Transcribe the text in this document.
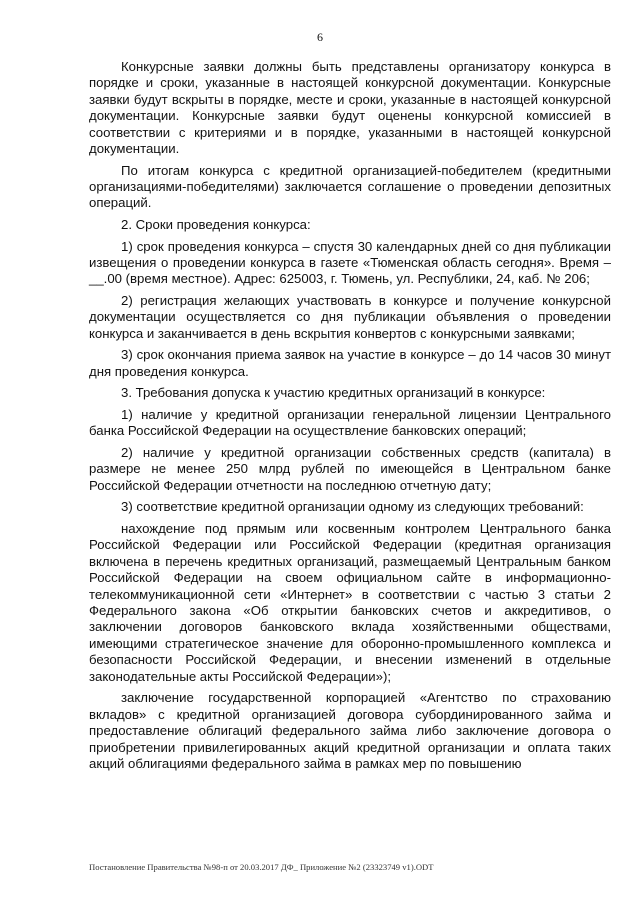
6

Конкурсные заявки должны быть представлены организатору конкурса в порядке и сроки, указанные в настоящей конкурсной документации. Конкурсные заявки будут вскрыты в порядке, месте и сроки, указанные в настоящей конкурсной документации. Конкурсные заявки будут оценены конкурсной комиссией в соответствии с критериями и в порядке, указанными в настоящей конкурсной документации.

По итогам конкурса с кредитной организацией-победителем (кредитными организациями-победителями) заключается соглашение о проведении депозитных операций.

2. Сроки проведения конкурса:

1) срок проведения конкурса – спустя 30 календарных дней со дня публикации извещения о проведении конкурса в газете «Тюменская область сегодня». Время – __.00 (время местное). Адрес: 625003, г. Тюмень, ул. Республики, 24, каб. № 206;

2) регистрация желающих участвовать в конкурсе и получение конкурсной документации осуществляется со дня публикации объявления о проведении конкурса и заканчивается в день вскрытия конвертов с конкурсными заявками;

3) срок окончания приема заявок на участие в конкурсе – до 14 часов 30 минут дня проведения конкурса.

3. Требования допуска к участию кредитных организаций в конкурсе:

1) наличие у кредитной организации генеральной лицензии Центрального банка Российской Федерации на осуществление банковских операций;

2) наличие у кредитной организации собственных средств (капитала) в размере не менее 250 млрд рублей по имеющейся в Центральном банке Российской Федерации отчетности на последнюю отчетную дату;

3) соответствие кредитной организации одному из следующих требований:

нахождение под прямым или косвенным контролем Центрального банка Российской Федерации или Российской Федерации (кредитная организация включена в перечень кредитных организаций, размещаемый Центральным банком Российской Федерации на своем официальном сайте в информационно-телекоммуникационной сети «Интернет» в соответствии с частью 3 статьи 2 Федерального закона «Об открытии банковских счетов и аккредитивов, о заключении договоров банковского вклада хозяйственными обществами, имеющими стратегическое значение для оборонно-промышленного комплекса и безопасности Российской Федерации, и внесении изменений в отдельные законодательные акты Российской Федерации»);

заключение государственной корпорацией «Агентство по страхованию вкладов» с кредитной организацией договора субординированного займа и предоставление облигаций федерального займа либо заключение договора о приобретении привилегированных акций кредитной организации и оплата таких акций облигациями федерального займа в рамках мер по повышению

Постановление Правительства №98-п от 20.03.2017 ДФ_ Приложение №2 (23323749 v1).ODT
